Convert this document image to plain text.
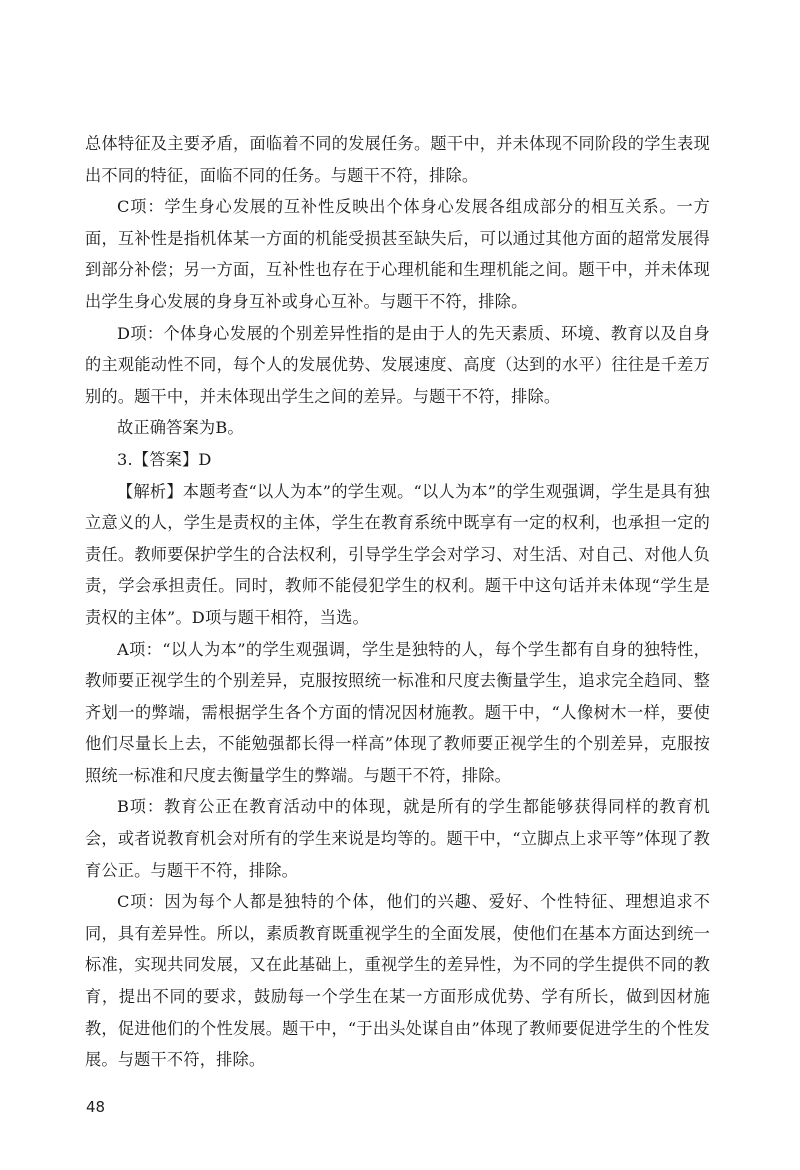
总体特征及主要矛盾，面临着不同的发展任务。题干中，并未体现不同阶段的学生表现出不同的特征，面临不同的任务。与题干不符，排除。

C项：学生身心发展的互补性反映出个体身心发展各组成部分的相互关系。一方面，互补性是指机体某一方面的机能受损甚至缺失后，可以通过其他方面的超常发展得到部分补偿；另一方面，互补性也存在于心理机能和生理机能之间。题干中，并未体现出学生身心发展的身身互补或身心互补。与题干不符，排除。

D项：个体身心发展的个别差异性指的是由于人的先天素质、环境、教育以及自身的主观能动性不同，每个人的发展优势、发展速度、高度（达到的水平）往往是千差万别的。题干中，并未体现出学生之间的差异。与题干不符，排除。

故正确答案为B。

3.【答案】D

【解析】本题考查“以人为本”的学生观。“以人为本”的学生观强调，学生是具有独立意义的人，学生是责权的主体，学生在教育系统中既享有一定的权利，也承担一定的责任。教师要保护学生的合法权利，引导学生学会对学习、对生活、对自己、对他人负责，学会承担责任。同时，教师不能侵犯学生的权利。题干中这句话并未体现“学生是责权的主体”。D项与题干相符，当选。

A项：“以人为本”的学生观强调，学生是独特的人，每个学生都有自身的独特性，教师要正视学生的个别差异，克服按照统一标准和尺度去衡量学生，追求完全趋同、整齐划一的弊端，需根据学生各个方面的情况因材施教。题干中，“人像树木一样，要使他们尽量长上去，不能勉强都长得一样高”体现了教师要正视学生的个别差异，克服按照统一标准和尺度去衡量学生的弊端。与题干不符，排除。

B项：教育公正在教育活动中的体现，就是所有的学生都能够获得同样的教育机会，或者说教育机会对所有的学生来说是均等的。题干中，“立脚点上求平等”体现了教育公正。与题干不符，排除。

C项：因为每个人都是独特的个体，他们的兴趣、爱好、个性特征、理想追求不同，具有差异性。所以，素质教育既重视学生的全面发展，使他们在基本方面达到统一标准，实现共同发展，又在此基础上，重视学生的差异性，为不同的学生提供不同的教育，提出不同的要求，鼓励每一个学生在某一方面形成优势、学有所长，做到因材施教，促进他们的个性发展。题干中，“于出头处谋自由”体现了教师要促进学生的个性发展。与题干不符，排除。

48
